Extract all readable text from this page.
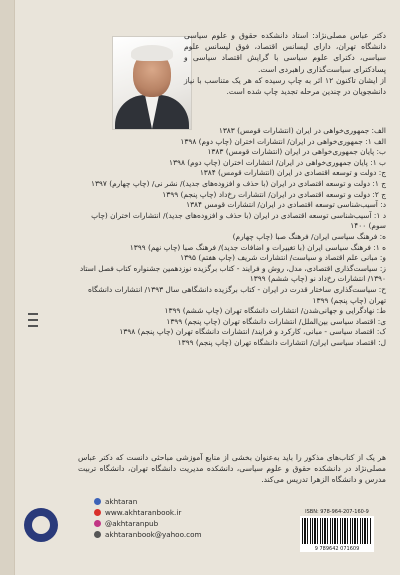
دکتر عباس مصلی‌نژاد: استاد دانشکده حقوق و علوم سیاسی دانشگاه تهران، دارای لیسانس اقتصاد، فوق لیسانس علوم سیاسی، دکترای علوم سیاسی با گرایش اقتصاد سیاسی و پسادکترای سیاست‌گذاری راهبردی است.
از ایشان تاکنون ۱۲ اثر به چاپ رسیده که هر یک متناسب با نیاز دانشجویان در چندین مرحله تجدید چاپ شده است.
الف: جمهوری‌خواهی در ایران (انتشارات قومس) ۱۳۸۳
الف ۱: جمهوری‌خواهی در ایران/ انتشارات اختران (چاپ دوم) ۱۳۹۸
ب: پایان جمهوری‌خواهی در ایران (انتشارات قومس) ۱۳۸۳
ب ۱: پایان جمهوری‌خواهی در ایران/ انتشارات اختران (چاپ دوم) ۱۳۹۸
ج: دولت و توسعه اقتصادی در ایران (انتشارات قومس) ۱۳۸۴
ج ۱: دولت و توسعه اقتصادی در ایران (با حذف و افزوده‌های جدید)/ نشر نی/ (چاپ چهارم) ۱۳۹۷
ج ۲: دولت و توسعه اقتصادی در ایران/ انتشارات رخ‌داد (چاپ پنجم) ۱۳۹۹
د: آسیب‌شناسی توسعه اقتصادی در ایران/ انتشارات قومس ۱۳۸۴
د ۱: آسیب‌شناسی توسعه اقتصادی در ایران (با حذف و افزوده‌های جدید)/ انتشارات اختران (چاپ سوم) ۱۴۰۰
ه: فرهنگ سیاسی ایران/ فرهنگ صبا (چاپ چهارم)
ه ۱: فرهنگ سیاسی ایران (با تغییرات و اضافات جدید)/ فرهنگ صبا (چاپ نهم) ۱۳۹۹
و: مبانی علم اقتصاد و سیاست/ انتشارات شریف (چاپ هفتم) ۱۳۹۵
ز: سیاست‌گذاری اقتصادی، مدل، روش و فرایند - کتاب برگزیده نوزدهمین جشنواره کتاب فصل استاد ۱۳۹۰/ انتشارات رخ‌داد نو (چاپ ششم) ۱۳۹۹
ح: سیاست‌گذاری ساختار قدرت در ایران - کتاب برگزیده دانشگاهی سال ۱۳۹۳/ انتشارات دانشگاه تهران (چاپ پنجم) ۱۳۹۹
ط: نهادگرایی و جهانی‌شدن/ انتشارات دانشگاه تهران (چاپ ششم) ۱۳۹۹
ی: اقتصاد سیاسی بین‌الملل/ انتشارات دانشگاه تهران (چاپ پنجم) ۱۳۹۹
ک: اقتصاد سیاسی - مبانی، کارکرد و فرایند/ انتشارات دانشگاه تهران (چاپ پنجم) ۱۳۹۸
ل: اقتصاد سیاسی ایران/ انتشارات دانشگاه تهران (چاپ پنجم) ۱۳۹۹
هر یک از کتاب‌های مذکور را باید به‌عنوان بخشی از منابع آموزشی مباحثی دانست که دکتر عباس مصلی‌نژاد در دانشکده حقوق و علوم سیاسی، دانشکده مدیریت دانشگاه تهران، دانشگاه تربیت مدرس و دانشگاه الزهرا تدریس می‌کند.
akhtaran
www.akhtaranbook.ir
@akhtaranpub
akhtaranbook@yahoo.com
ISBN: 978-964-207-160-9
9 789642 071609
